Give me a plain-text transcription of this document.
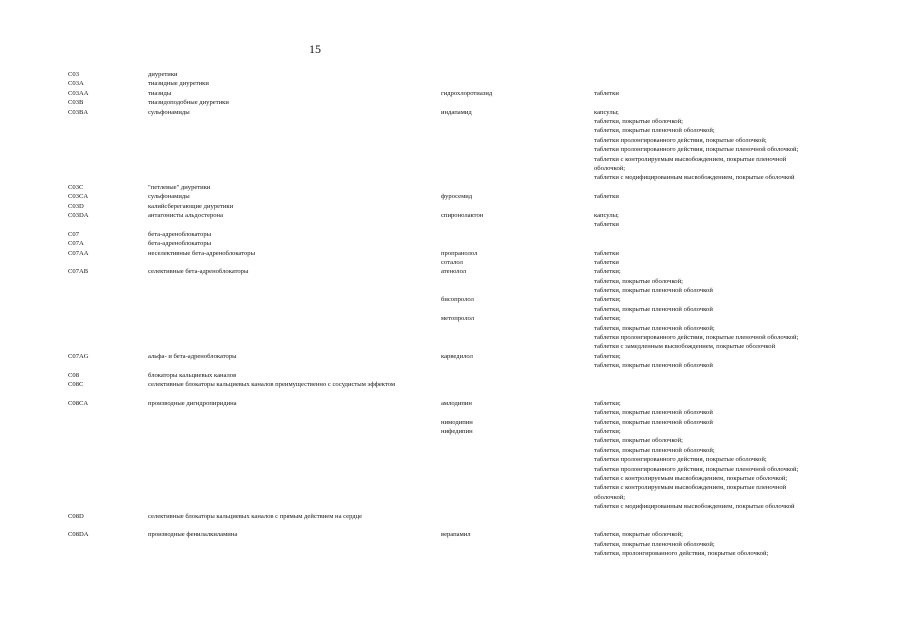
15
C03	диуретики
C03A	тиазидные диуретики
C03AA	тиазиды	гидрохлоротиазид	таблетки
C03B	тиазидоподобные диуретики
C03BA	сульфонамиды	индапамид	капсулы;
таблетки, покрытые оболочкой;
таблетки, покрытые пленочной оболочкой;
таблетки пролонгированного действия, покрытые оболочкой;
таблетки пролонгированного действия, покрытые пленочной оболочкой;
таблетки с контролируемым высвобождением, покрытые пленочной
оболочкой;
таблетки с модифицированным высвобождением, покрытые оболочкой
C03C	"петлевые" диуретики
C03CA	сульфонамиды	фуросемид	таблетки
C03D	калийсберегающие диуретики
C03DA	антагонисты альдостерона	спиронолактон	капсулы;
таблетки
C07	бета-адреноблокаторы
C07A	бета-адреноблокаторы
C07AA	неселективные бета-адреноблокаторы	пропранолол	таблетки
соталол	таблетки
C07AB	селективные бета-адреноблокаторы	атенолол	таблетки;
таблетки, покрытые оболочкой;
таблетки, покрытые пленочной оболочкой
бисопролол	таблетки;
таблетки, покрытые пленочной оболочкой
метопролол	таблетки;
таблетки, покрытые пленочной оболочкой;
таблетки пролонгированного действия, покрытые пленочной оболочкой;
таблетки с замедленным высвобождением, покрытые оболочкой
C07AG	альфа- и бета-адреноблокаторы	карведилол	таблетки;
таблетки, покрытые пленочной оболочкой
C08	блокаторы кальциевых каналов
C08C	селективные блокаторы кальциевых каналов преимущественно с сосудистым эффектом
C08CA	производные дигидропиридина	амлодипин	таблетки;
таблетки, покрытые пленочной оболочкой
нимодипин	таблетки, покрытые пленочной оболочкой
нифедипин	таблетки;
таблетки, покрытые оболочкой;
таблетки, покрытые пленочной оболочкой;
таблетки пролонгированного действия, покрытые оболочкой;
таблетки пролонгированного действия, покрытые пленочной оболочкой;
таблетки с контролируемым высвобождением, покрытые оболочкой;
таблетки с контролируемым высвобождением, покрытые пленочной
оболочкой;
таблетки с модифицированным высвобождением, покрытые оболочкой
C08D	селективные блокаторы кальциевых каналов с прямым действием на сердце
C08DA	производные фенилалкиламина	верапамил	таблетки, покрытые оболочкой;
таблетки, покрытые пленочной оболочкой;
таблетки, пролонгированного действия, покрытые оболочкой;
